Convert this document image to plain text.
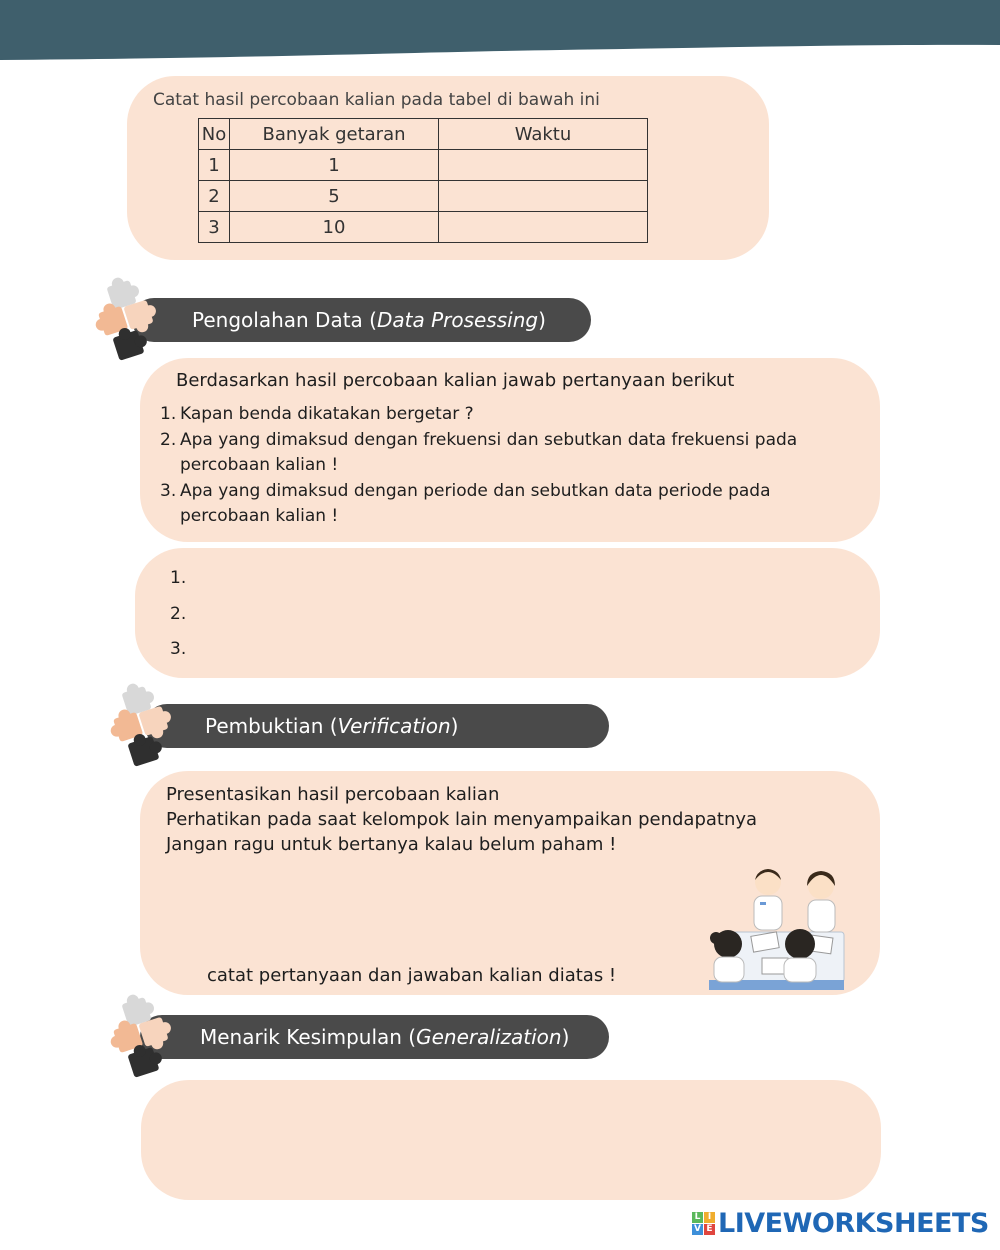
Catat hasil percobaan kalian pada tabel di bawah ini
No	Banyak getaran	Waktu
1	1	
2	5	
3	10	
Pengolahan Data (Data Prosessing)
Berdasarkan hasil percobaan kalian jawab pertanyaan berikut
1. Kapan benda dikatakan bergetar ?
2. Apa yang dimaksud dengan frekuensi dan sebutkan data frekuensi pada percobaan kalian !
3. Apa yang dimaksud dengan periode dan sebutkan data periode pada percobaan kalian !
1.
2.
3.
Pembuktian (Verification)
Presentasikan hasil percobaan kalian
Perhatikan pada saat kelompok lain menyampaikan pendapatnya
Jangan ragu untuk bertanya kalau belum paham !
catat pertanyaan dan jawaban kalian diatas !
Menarik Kesimpulan (Generalization)
L I
V E LIVEWORKSHEETS
